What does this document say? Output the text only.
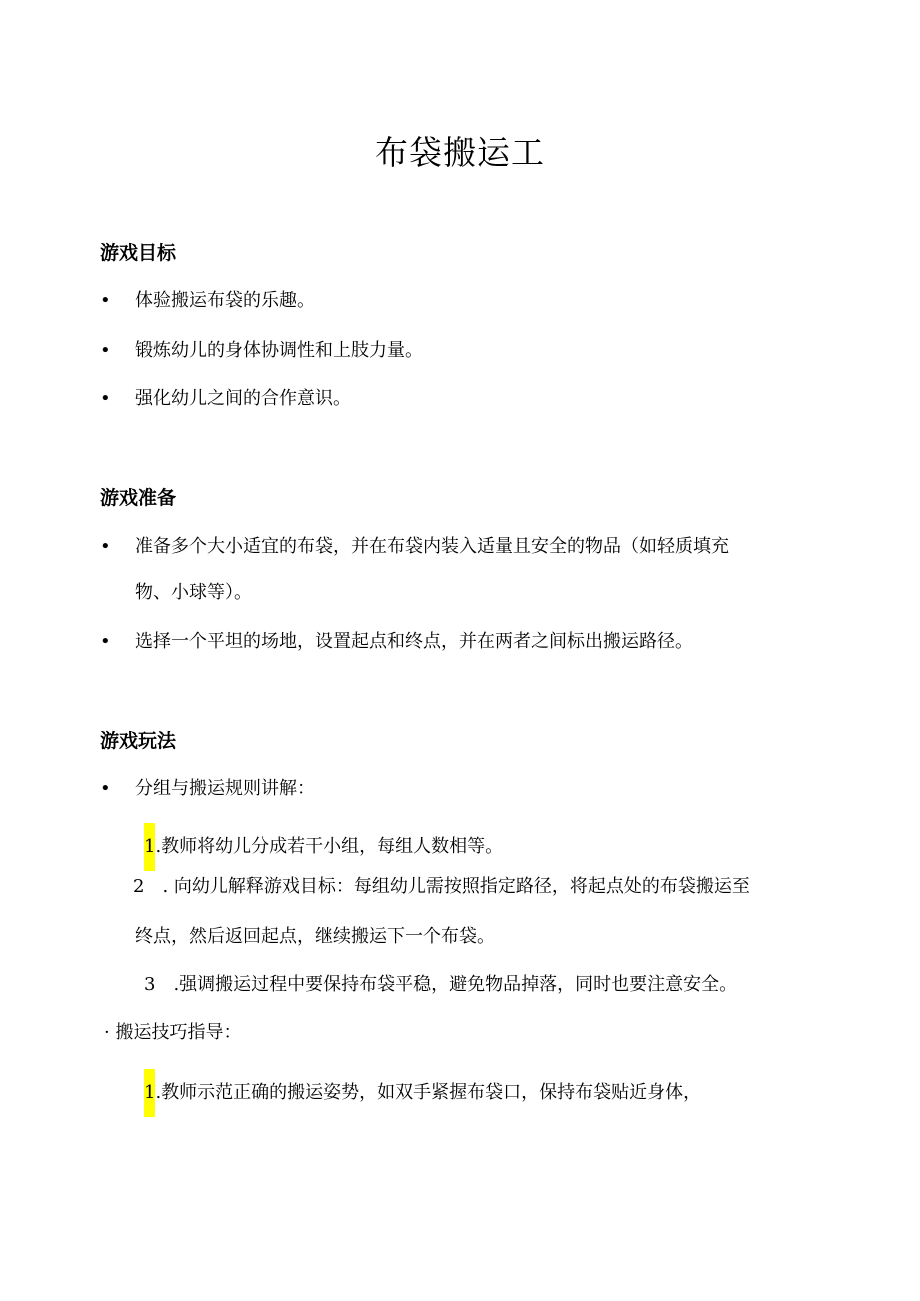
布袋搬运工
游戏目标
• 体验搬运布袋的乐趣。
• 锻炼幼儿的身体协调性和上肢力量。
• 强化幼儿之间的合作意识。
游戏准备
• 准备多个大小适宜的布袋，并在布袋内装入适量且安全的物品（如轻质填充
物、小球等）。
• 选择一个平坦的场地，设置起点和终点，并在两者之间标出搬运路径。
游戏玩法
• 分组与搬运规则讲解：
1.教师将幼儿分成若干小组，每组人数相等。
2　. 向幼儿解释游戏目标：每组幼儿需按照指定路径，将起点处的布袋搬运至
终点，然后返回起点，继续搬运下一个布袋。
3　.强调搬运过程中要保持布袋平稳，避免物品掉落，同时也要注意安全。
· 搬运技巧指导：
1.教师示范正确的搬运姿势，如双手紧握布袋口，保持布袋贴近身体，
